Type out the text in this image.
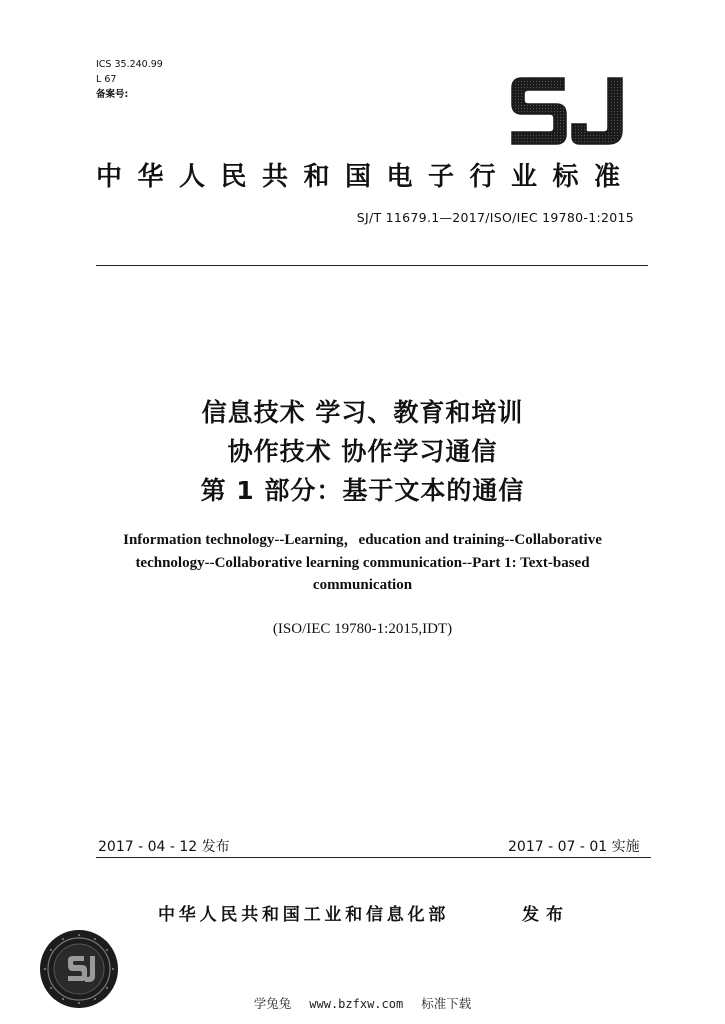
ICS 35.240.99
L 67
备案号:
中华人民共和国电子行业标准
SJ/T 11679.1—2017/ISO/IEC 19780-1:2015
信息技术 学习、教育和培训
协作技术 协作学习通信
第 1 部分：基于文本的通信
Information technology--Learning，education and training--Collaborative
technology--Collaborative learning communication--Part 1: Text-based
communication
(ISO/IEC 19780-1:2015,IDT)
2017 - 04 - 12 发布	2017 - 07 - 01 实施
中华人民共和国工业和信息化部	发布
学兔兔 www.bzfxw.com 标准下载
